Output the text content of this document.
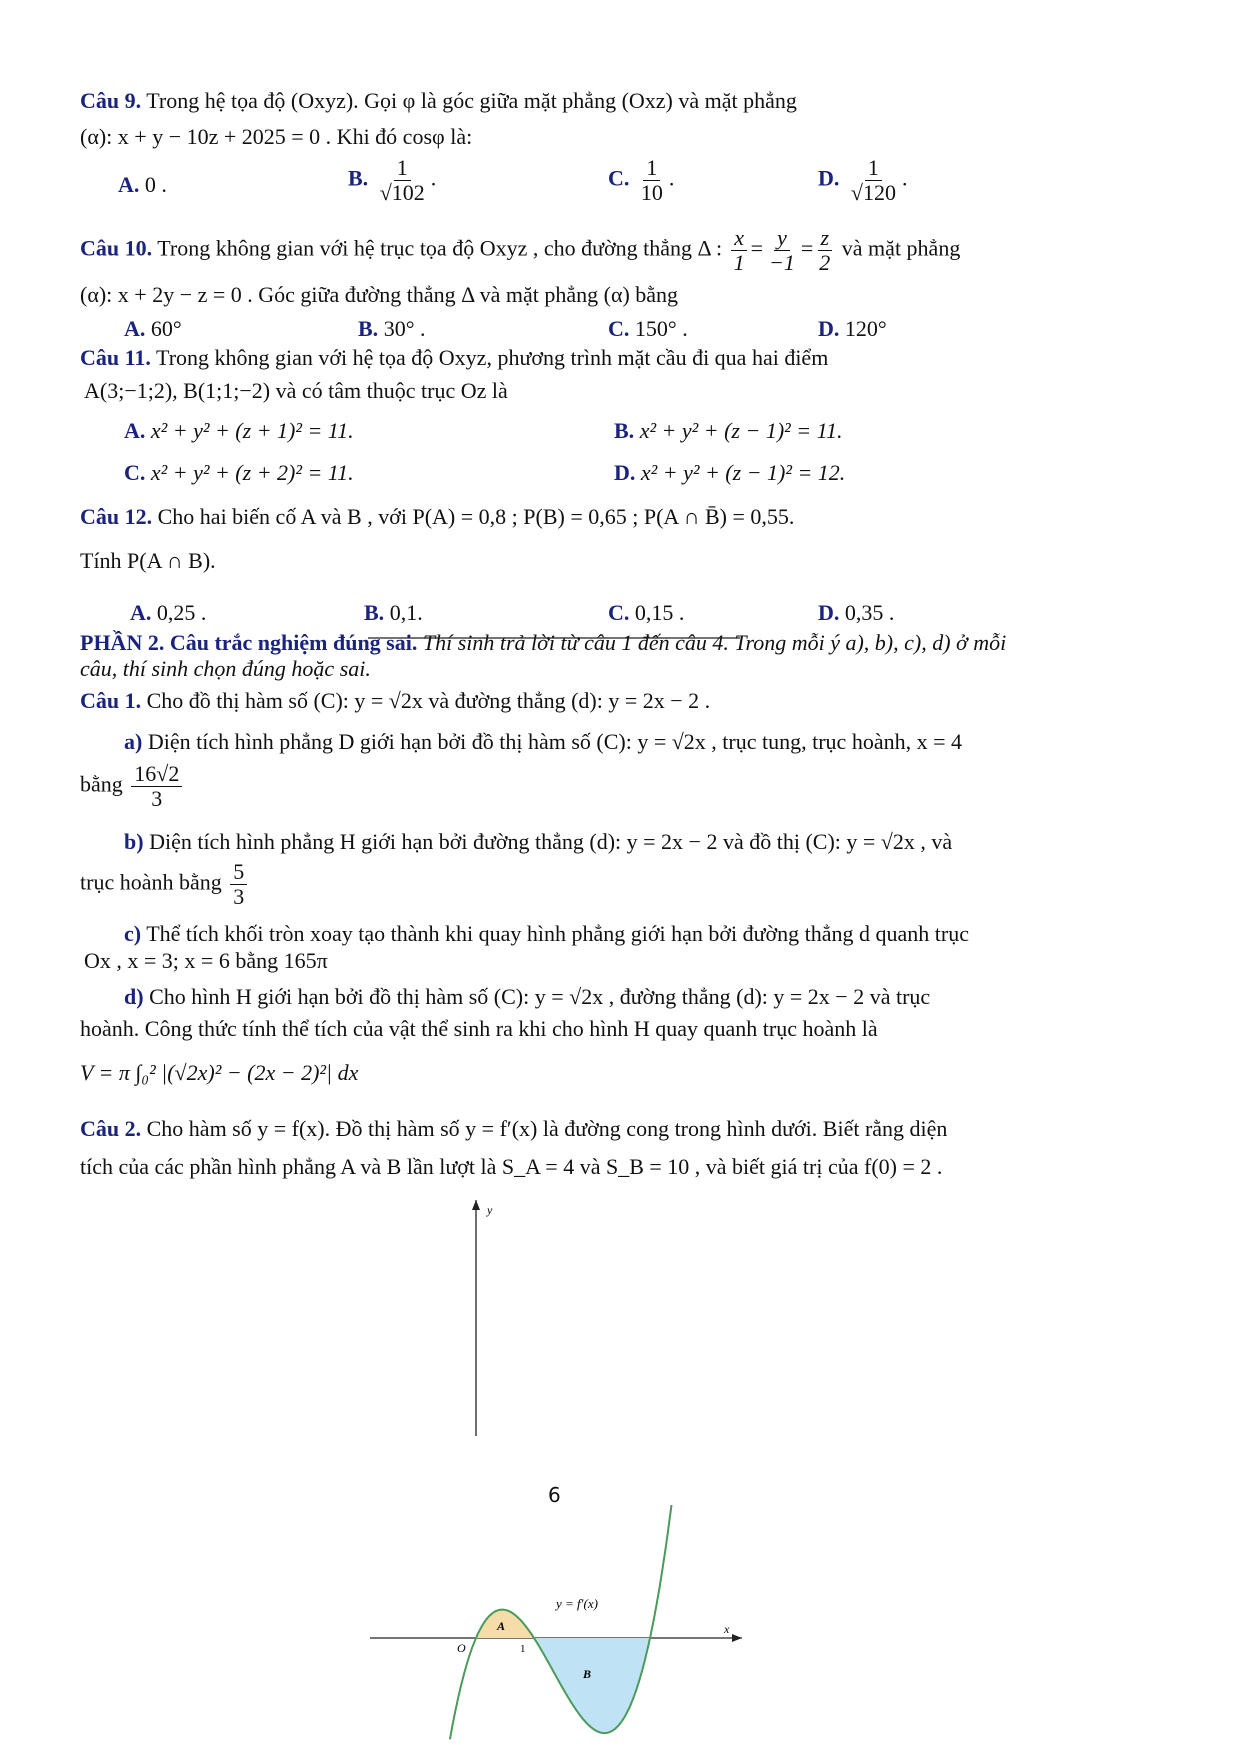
Câu 9. Trong hệ tọa độ (Oxyz). Gọi φ là góc giữa mặt phẳng (Oxz) và mặt phẳng
(α): x + y − 10z + 2025 = 0 . Khi đó cosφ là:
A. 0 .	B. $\frac{1}{√102}$ .	C. $\frac{1}{10}$ .	D. $\frac{1}{√120}$ .
Câu 10. Trong không gian với hệ trục tọa độ Oxyz , cho đường thẳng Δ : $\frac{x}{1} = \frac{y}{-1} = \frac{z}{2}$ và mặt phẳng
(α): x + 2y − z = 0 . Góc giữa đường thẳng Δ và mặt phẳng (α) bằng
A. 60°	B. 30° .	C. 150° .	D. 120°
Câu 11. Trong không gian với hệ tọa độ Oxyz, phương trình mặt cầu đi qua hai điểm
A(3;−1;2), B(1;1;−2) và có tâm thuộc trục Oz là
A. x² + y² + (z + 1)² = 11.	B. x² + y² + (z − 1)² = 11.
C. x² + y² + (z + 2)² = 11.	D. x² + y² + (z − 1)² = 12.
Câu 12. Cho hai biến cố A và B , với P(A) = 0,8 ; P(B) = 0,65 ; P(A ∩ B̄) = 0,55.
Tính P(A ∩ B).
A. 0,25 .	B. 0,1.	C. 0,15 .	D. 0,35 .
PHẦN 2. Câu trắc nghiệm đúng sai. Thí sinh trả lời từ câu 1 đến câu 4. Trong mỗi ý a), b), c), d) ở mỗi
câu, thí sinh chọn đúng hoặc sai.
Câu 1. Cho đồ thị hàm số (C): y = √2x và đường thẳng (d): y = 2x − 2 .
a) Diện tích hình phẳng D giới hạn bởi đồ thị hàm số (C): y = √2x , trục tung, trục hoành, x = 4
bằng $\frac{16√2}{3}$
b) Diện tích hình phẳng H giới hạn bởi đường thẳng (d): y = 2x − 2 và đồ thị (C): y = √2x , và
trục hoành bằng $\frac{5}{3}$
c) Thể tích khối tròn xoay tạo thành khi quay hình phẳng giới hạn bởi đường thẳng d quanh trục
Ox , x = 3; x = 6 bằng 165π
d) Cho hình H giới hạn bởi đồ thị hàm số (C): y = √2x , đường thẳng (d): y = 2x − 2 và trục
hoành. Công thức tính thể tích của vật thể sinh ra khi cho hình H quay quanh trục hoành là
V = π ∫₀² |(√2x)² − (2x − 2)²| dx
Câu 2. Cho hàm số y = f(x). Đồ thị hàm số y = f′(x) là đường cong trong hình dưới. Biết rằng diện
tích của các phần hình phẳng A và B lần lượt là S_A = 4 và S_B = 10 , và biết giá trị của f(0) = 2 .
y
x
O	1
A
B
y = f′(x)
6
